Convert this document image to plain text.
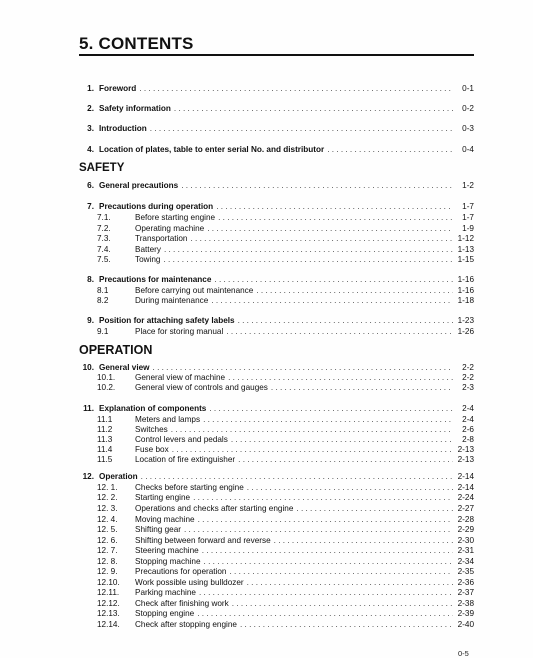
5. CONTENTS
SAFETY
OPERATION
1. Foreword . . .	0-1
2. Safety information . . .	0-2
3. Introduction . . .	0-3
4. Location of plates, table to enter serial No. and distributor . . .	0-4
6. General precautions . . .	1-2
7. Precautions during operation . . .	1-7
7.1.	Before starting engine . . .	1-7
7.2.	Operating machine . . .	1-9
7.3.	Transportation . . .	1-12
7.4.	Battery . . .	1-13
7.5.	Towing . . .	1-15
8. Precautions for maintenance . . .	1-16
8.1	Before carrying out maintenance . . .	1-16
8.2	During maintenance . . .	1-18
9. Position for attaching safety labels . . .	1-23
9.1	Place for storing manual . . .	1-26
10. General view . . .	2-2
10.1.	General view of machine . . .	2-2
10.2.	General view of controls and gauges . . .	2-3
11. Explanation of components . . .	2-4
11.1	Meters and lamps . . .	2-4
11.2	Switches . . .	2-6
11.3	Control levers and pedals . . .	2-8
11.4	Fuse box . . .	2-13
11.5	Location of fire extinguisher . . .	2-13
12. Operation . . .	2-14
12. 1.	Checks before starting engine . . .	2-14
12. 2.	Starting engine . . .	2-24
12. 3.	Operations and checks after starting engine . . .	2-27
12. 4.	Moving machine . . .	2-28
12. 5.	Shifting gear . . .	2-29
12. 6.	Shifting between forward and reverse . . .	2-30
12. 7.	Steering machine . . .	2-31
12. 8.	Stopping machine . . .	2-34
12. 9.	Precautions for operation . . .	2-35
12.10.	Work possible using bulldozer . . .	2-36
12.11.	Parking machine . . .	2-37
12.12.	Check after finishing work . . .	2-38
12.13.	Stopping engine . . .	2-39
12.14.	Check after stopping engine . . .	2-40
0-5
